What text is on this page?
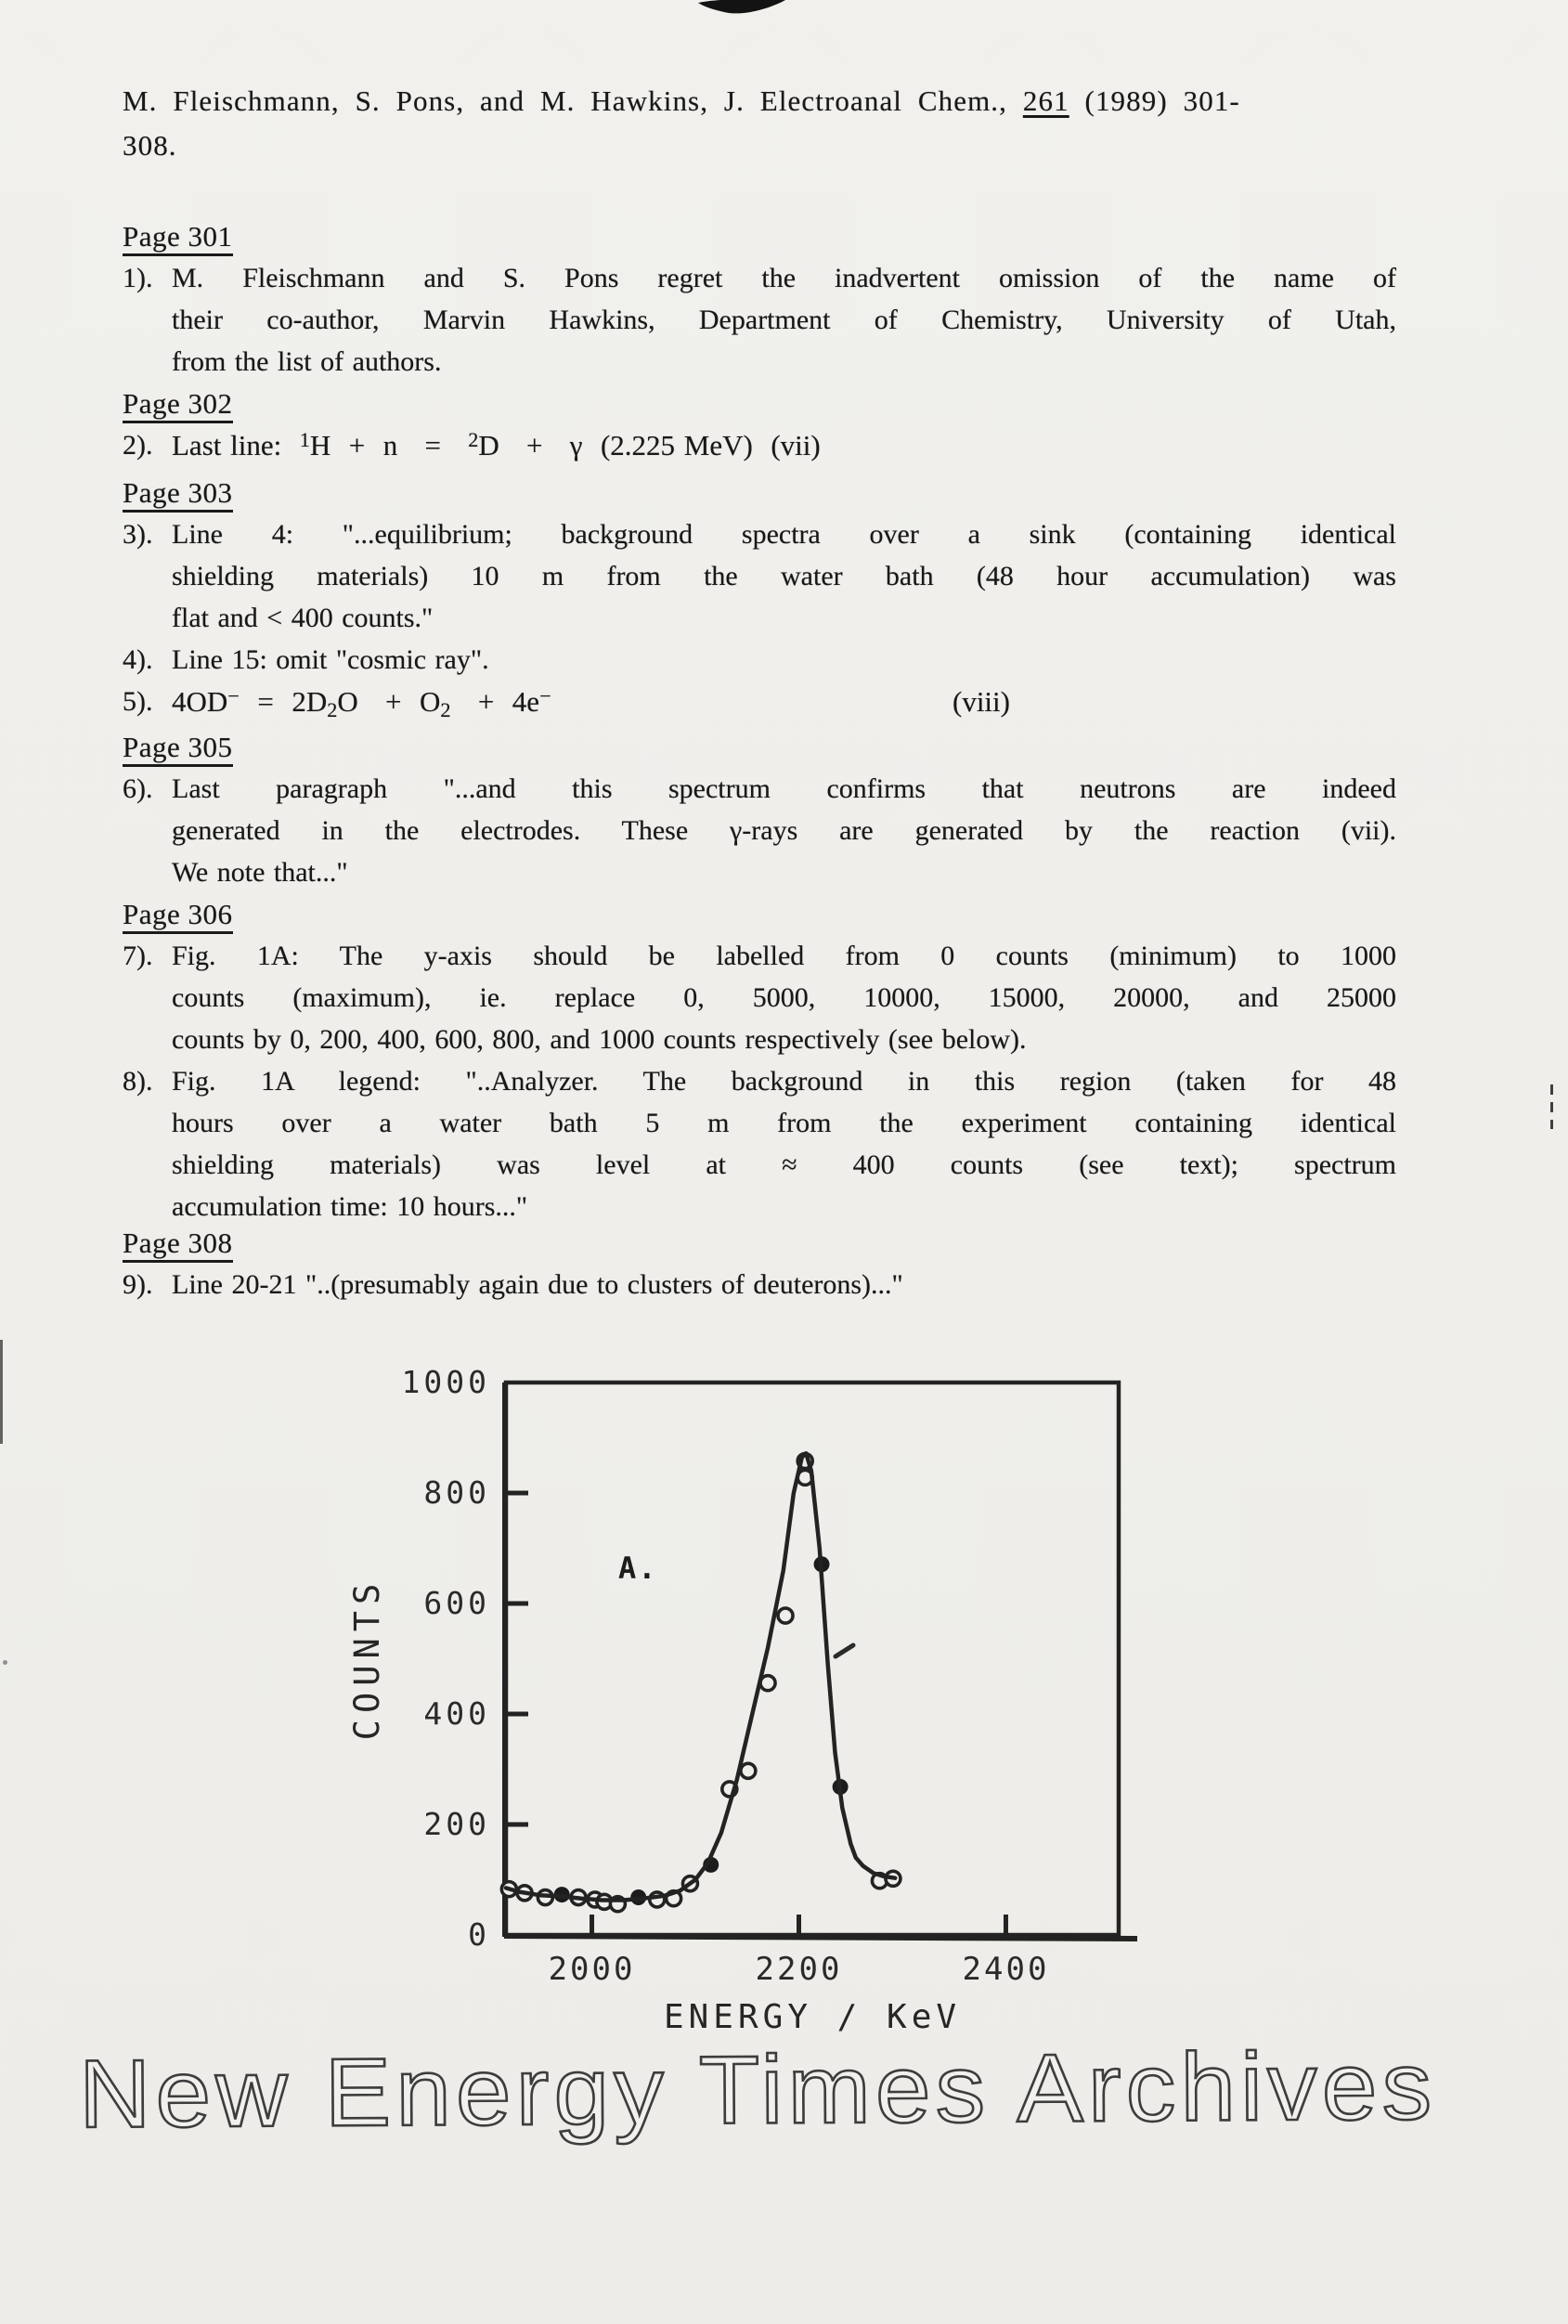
M. Fleischmann, S. Pons, and M. Hawkins, J. Electroanal Chem., 261 (1989) 301-
308.
Page 301
1). M. Fleischmann and S. Pons regret the inadvertent omission of the name of
their co-author, Marvin Hawkins, Department of Chemistry, University of Utah,
from the list of authors.
Page 302
2). Last line:  $^1$H  +  n   =   $^2$D   +   γ  (2.225 MeV)  (vii)
Page 303
3). Line 4: "...equilibrium; background spectra over a sink (containing identical
shielding materials) 10 m from the water bath (48 hour accumulation) was
flat and < 400 counts."
4). Line 15: omit "cosmic ray".
5). $4OD^- = 2D_2O + O_2 + 4e^-$	(viii)
Page 305
6). Last paragraph "...and this spectrum confirms that neutrons are indeed
generated in the electrodes. These γ-rays are generated by the reaction (vii).
We note that..."
Page 306
7). Fig. 1A: The y-axis should be labelled from 0 counts (minimum) to 1000
counts (maximum), ie. replace 0, 5000, 10000, 15000, 20000, and 25000
counts by 0, 200, 400, 600, 800, and 1000 counts respectively (see below).
8). Fig. 1A legend: "..Analyzer. The background in this region (taken for 48
hours over a water bath 5 m from the experiment containing identical
shielding materials) was level at ≈ 400 counts (see text); spectrum
accumulation time: 10 hours..."
Page 308
9). Line 20-21 "..(presumably again due to clusters of deuterons)..."
0
200
400
600
800
1000
2000	2200	2400
ENERGY / KeV
COUNTS
A.
New Energy Times Archives
